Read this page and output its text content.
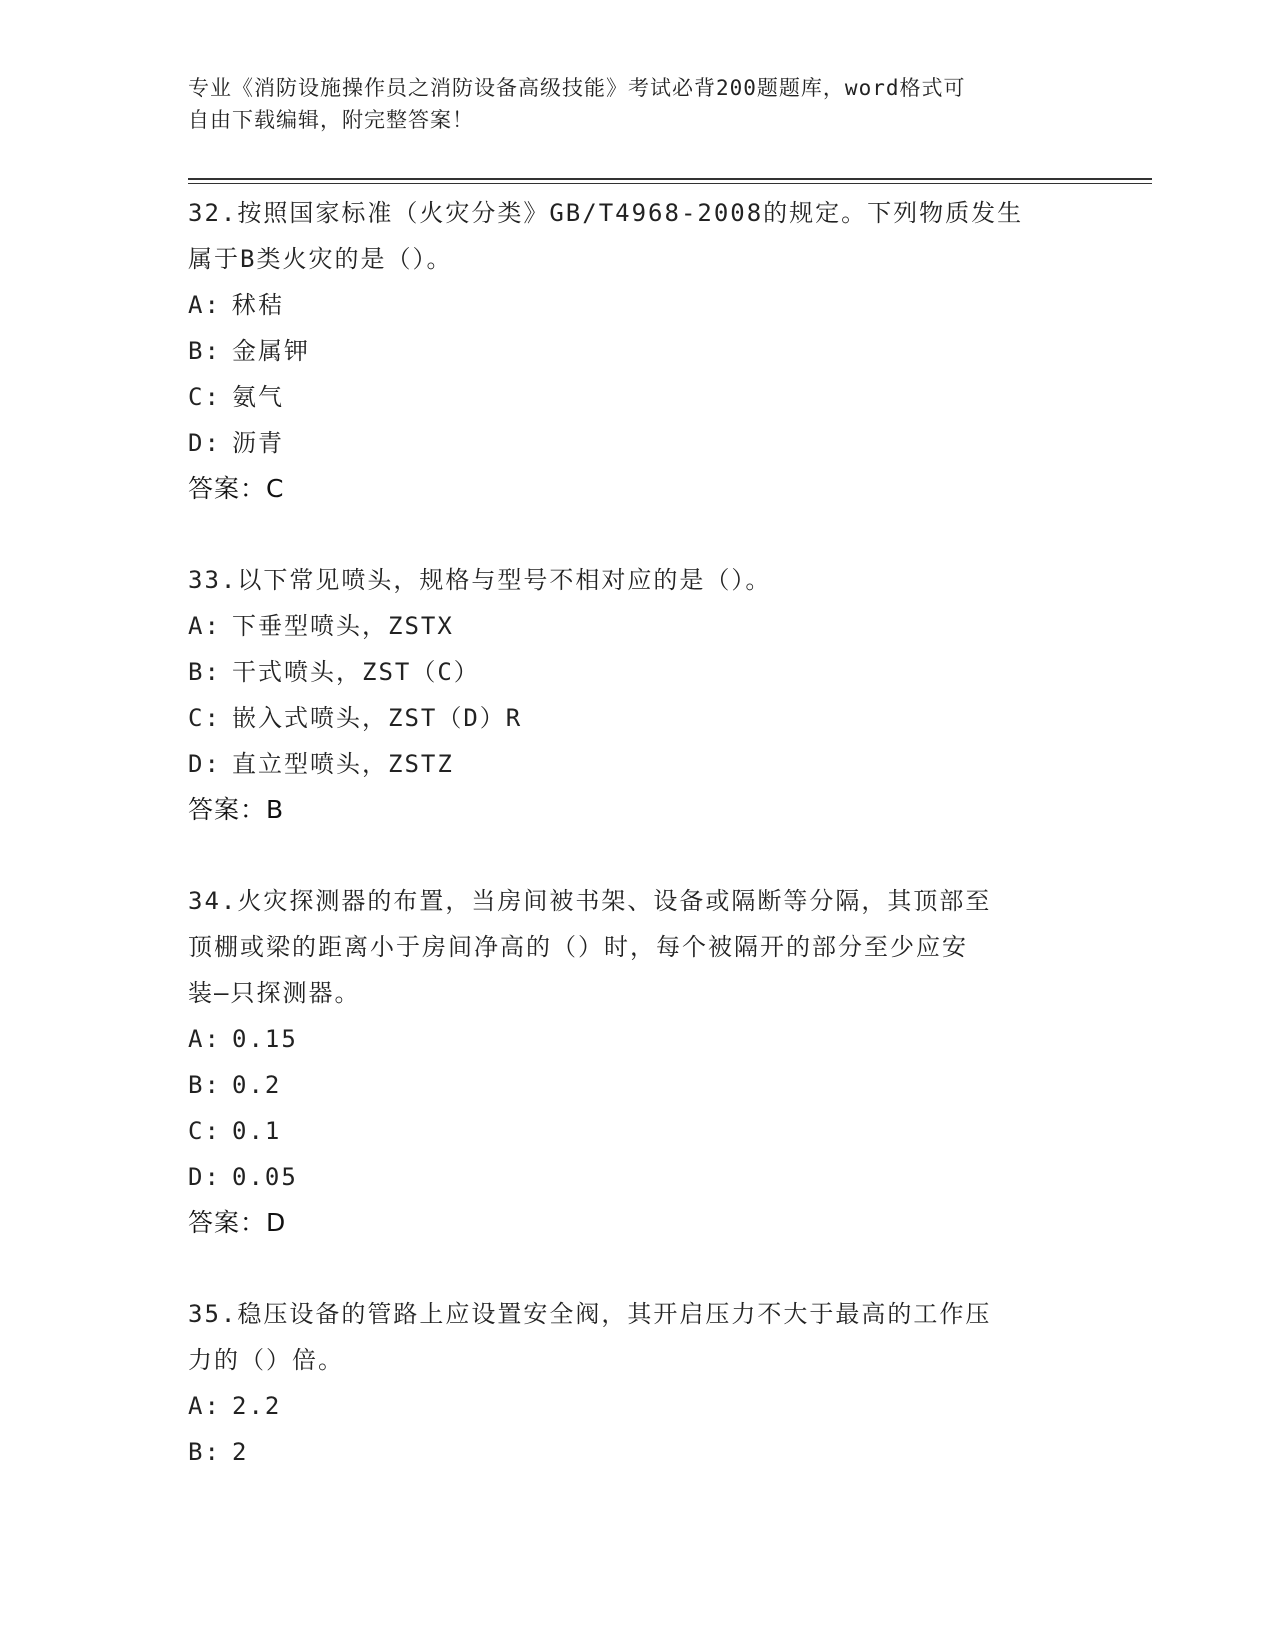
专业《消防设施操作员之消防设备高级技能》考试必背200题题库，word格式可
自由下载编辑，附完整答案！

32.按照国家标准（火灾分类》GB/T4968-2008的规定。下列物质发生

属于B类火灾的是（）。

A: 秫秸

B: 金属钾

C: 氨气

D: 沥青

答案：C

33.以下常见喷头，规格与型号不相对应的是（）。

A: 下垂型喷头，ZSTX

B: 干式喷头，ZST（C）

C: 嵌入式喷头，ZST（D）R

D: 直立型喷头，ZSTZ

答案：B

34.火灾探测器的布置，当房间被书架、设备或隔断等分隔，其顶部至

顶棚或梁的距离小于房间净高的（）时，每个被隔开的部分至少应安

装—只探测器。

A: 0.15

B: 0.2

C: 0.1

D: 0.05

答案：D

35.稳压设备的管路上应设置安全阀，其开启压力不大于最高的工作压

力的（）倍。

A: 2.2

B: 2
